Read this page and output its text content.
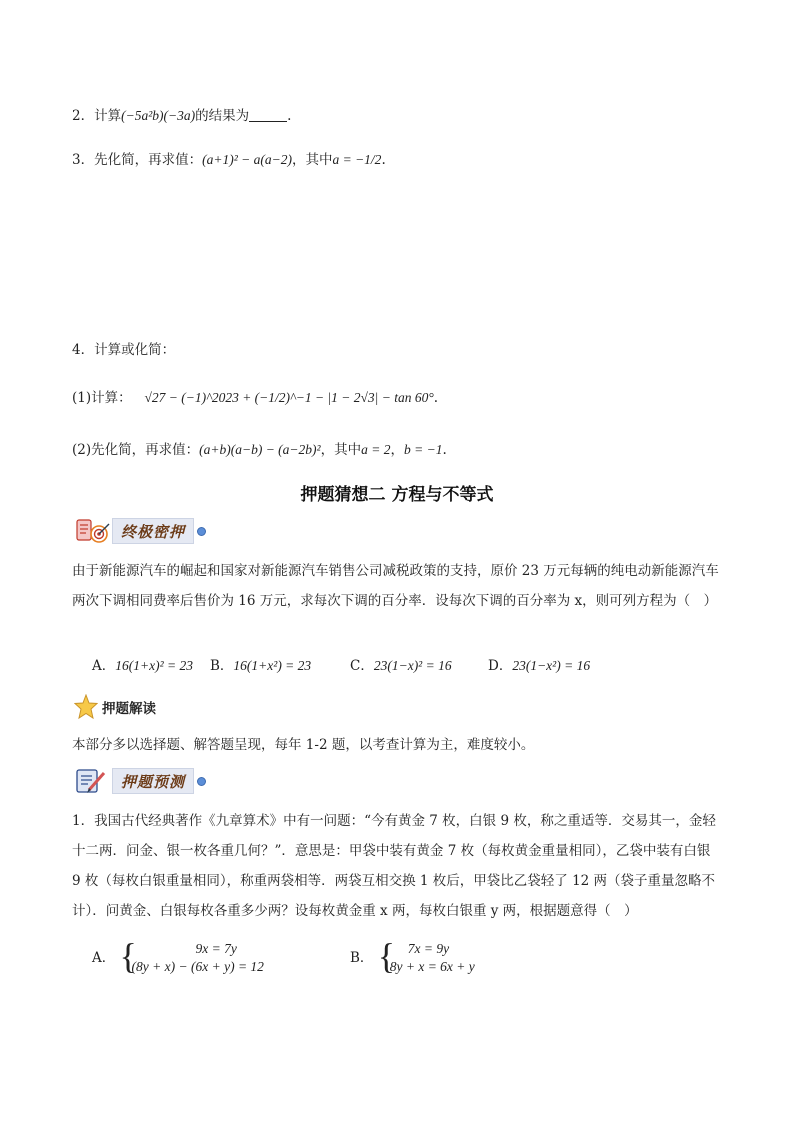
2．计算(−5a²b)(−3a)的结果为	.
3．先化简，再求值：(a+1)² − a(a−2)，其中a = −1/2.
4．计算或化简：
(1)计算： √27 − (−1)^2023 + (−1/2)^−1 − |1 − 2√3| − tan 60°.
(2)先化简，再求值：(a+b)(a−b) − (a−2b)²，其中a = 2，b = −1.
押题猜想二 方程与不等式
终极密押
由于新能源汽车的崛起和国家对新能源汽车销售公司减税政策的支持，原价 23 万元每辆的纯电动新能源汽车两次下调相同费率后售价为 16 万元，求每次下调的百分率．设每次下调的百分率为 x，则可列方程为（　）
A．16(1+x)² = 23 B．16(1+x²) = 23	C．23(1−x)² = 16	D．23(1−x²) = 16
押题解读
本部分多以选择题、解答题呈现，每年 1-2 题，以考查计算为主，难度较小。
押题预测
1．我国古代经典著作《九章算术》中有一问题：“今有黄金 7 枚，白银 9 枚，称之重适等．交易其一，金轻十二两．问金、银一枚各重几何？”．意思是：甲袋中装有黄金 7 枚（每枚黄金重量相同），乙袋中装有白银 9 枚（每枚白银重量相同），称重两袋相等．两袋互相交换 1 枚后，甲袋比乙袋轻了 12 两（袋子重量忽略不计）．问黄金、白银每枚各重多少两？设每枚黄金重 x 两，每枚白银重 y 两，根据题意得（　）
A． {	9x = 7y
(8y + x) − (6x + y) = 12
B． { 7x = 9y
8y + x = 6x + y
